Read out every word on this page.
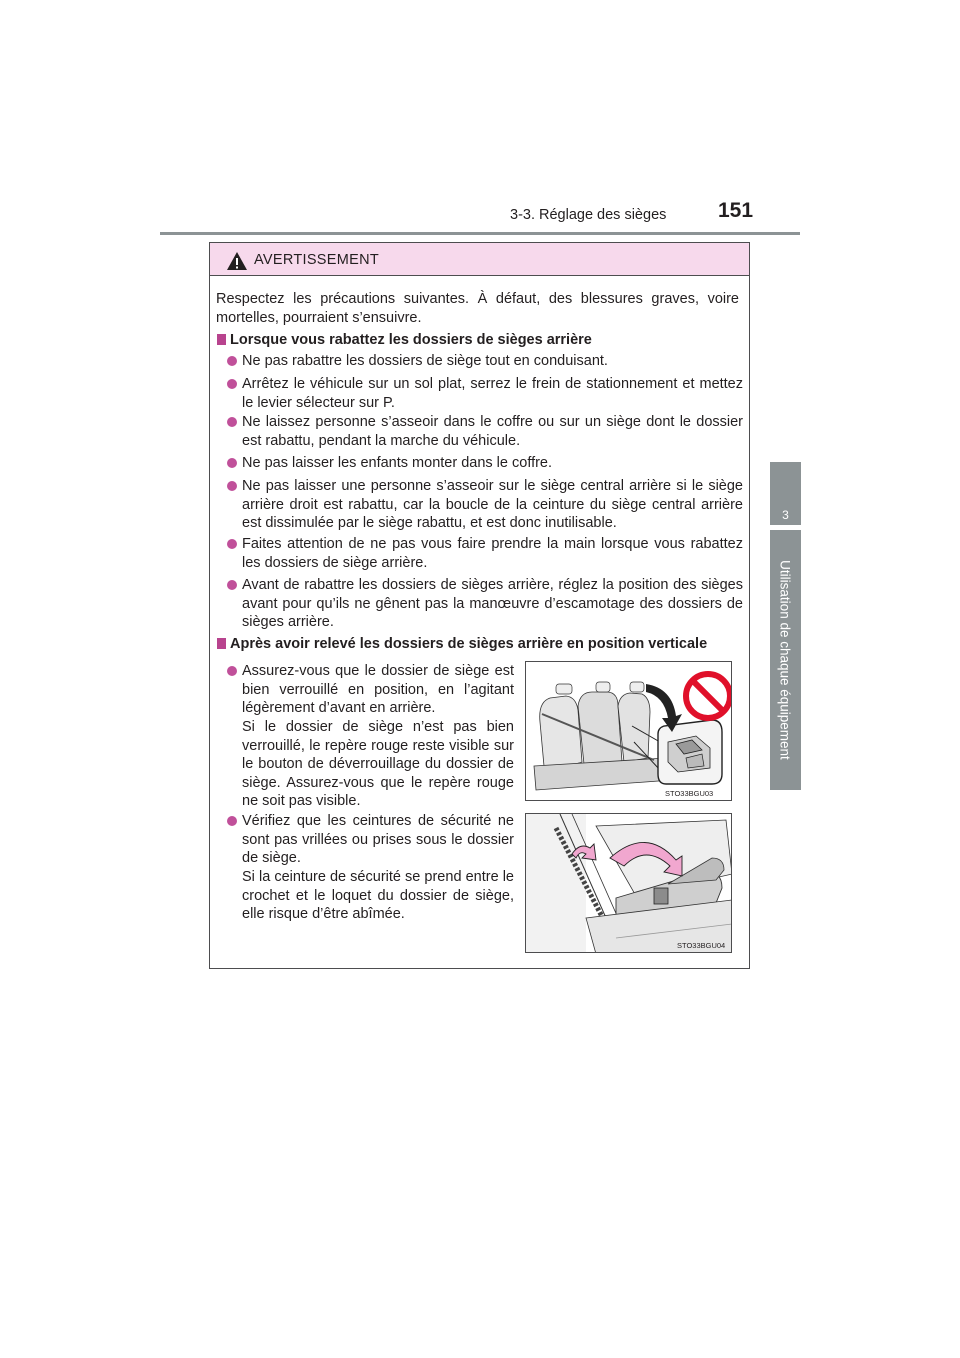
3-3. Réglage des sièges 151
3
Utilisation de chaque équipement
AVERTISSEMENT
Respectez les précautions suivantes. À défaut, des blessures graves, voire mortelles, pourraient s’ensuivre.
Lorsque vous rabattez les dossiers de sièges arrière
Ne pas rabattre les dossiers de siège tout en conduisant.
Arrêtez le véhicule sur un sol plat, serrez le frein de stationnement et mettez le levier sélecteur sur P.
Ne laissez personne s’asseoir dans le coffre ou sur un siège dont le dossier est rabattu, pendant la marche du véhicule.
Ne pas laisser les enfants monter dans le coffre.
Ne pas laisser une personne s’asseoir sur le siège central arrière si le siège arrière droit est rabattu, car la boucle de la ceinture du siège central arrière est dissimulée par le siège rabattu, et est donc inutilisable.
Faites attention de ne pas vous faire prendre la main lorsque vous rabattez les dossiers de siège arrière.
Avant de rabattre les dossiers de sièges arrière, réglez la position des sièges avant pour qu’ils ne gênent pas la manœuvre d’escamotage des dossiers de sièges arrière.
Après avoir relevé les dossiers de sièges arrière en position verticale
Assurez-vous que le dossier de siège est bien verrouillé en position, en l’agitant légèrement d’avant en arrière.
Si le dossier de siège n’est pas bien verrouillé, le repère rouge reste visible sur le bouton de déverrouillage du dossier de siège. Assurez-vous que le repère rouge ne soit pas visible.
Vérifiez que les ceintures de sécurité ne sont pas vrillées ou prises sous le dossier de siège.
Si la ceinture de sécurité se prend entre le crochet et le loquet du dossier de siège, elle risque d’être abîmée.
STO33BGU03
STO33BGU04
